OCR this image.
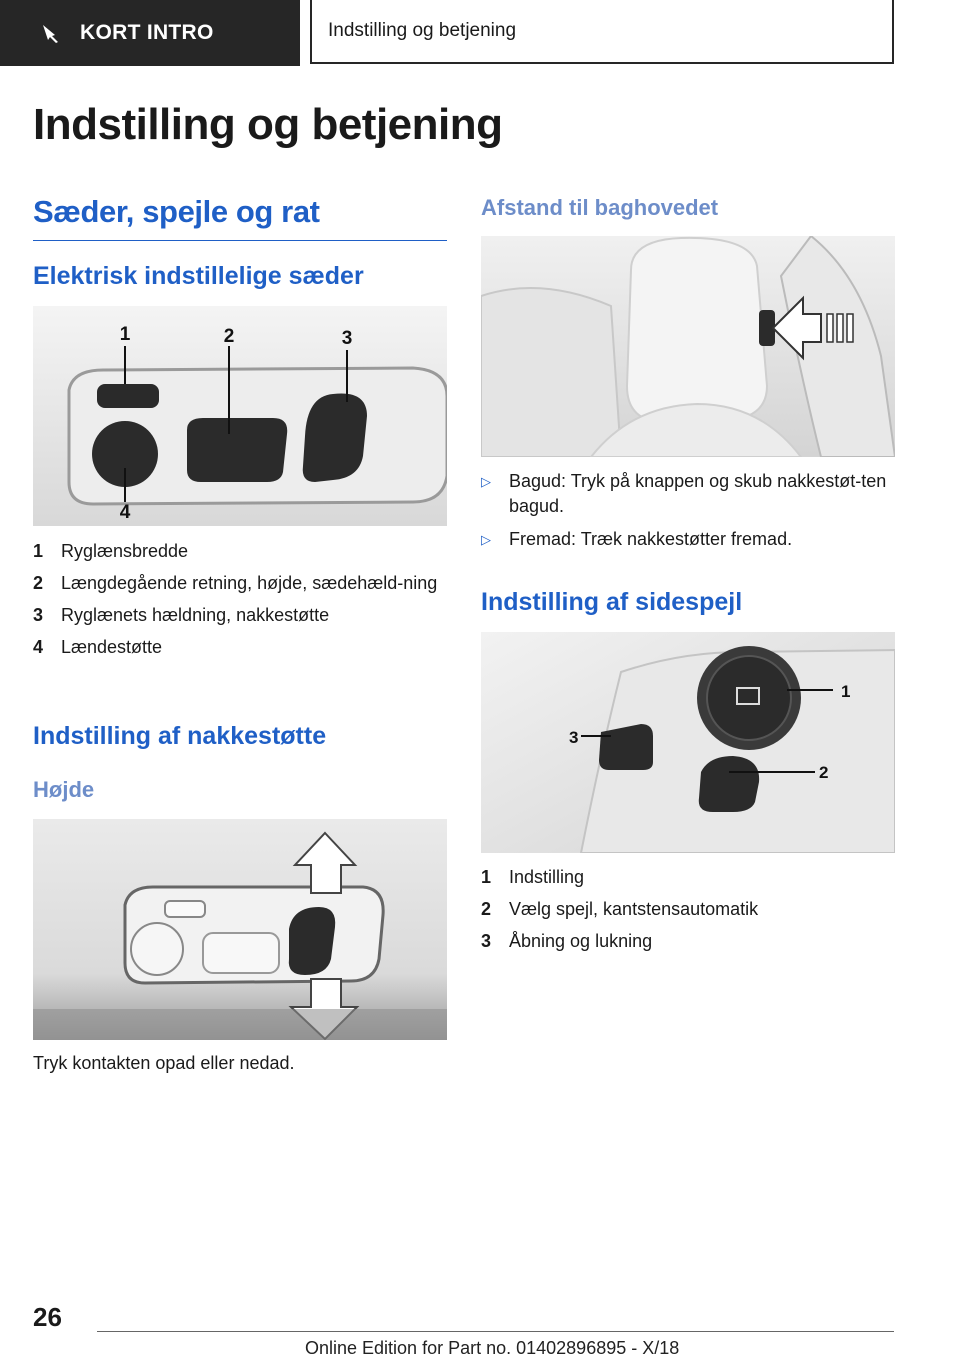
KORT INTRO	Indstilling og betjening
Indstilling og betjening
Sæder, spejle og rat
Elektrisk indstillelige sæder
1	2	3
4
1 Ryglænsbredde
2 Længdegående retning, højde, sædehæld-ning
3 Ryglænets hældning, nakkestøtte
4 Lændestøtte
Indstilling af nakkestøtte
Højde

Tryk kontakten opad eller nedad.

Afstand til baghovedet
▷ Bagud: Tryk på knappen og skub nakkestøt-ten bagud.
▷ Fremad: Træk nakkestøtter fremad.
Indstilling af sidespejl
1
2
3
1 Indstilling
2 Vælg spejl, kantstensautomatik
3 Åbning og lukning
26
Online Edition for Part no. 01402896895 - X/18
